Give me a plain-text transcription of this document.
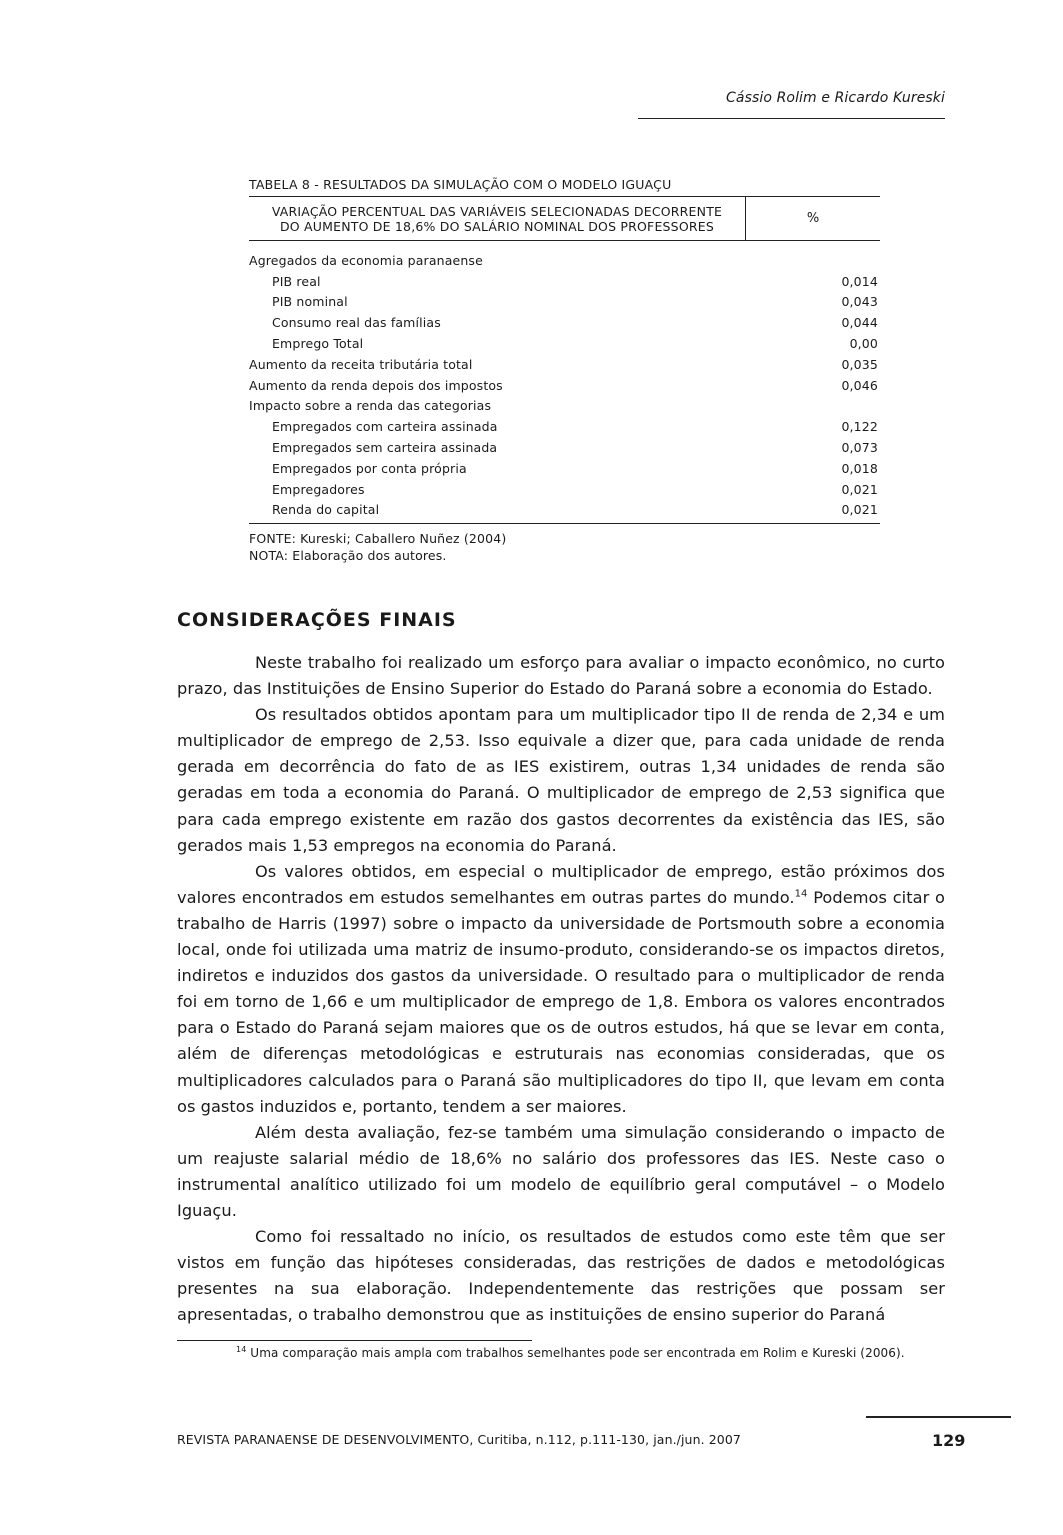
Cássio Rolim e Ricardo Kureski
TABELA 8 - RESULTADOS DA SIMULAÇÃO COM O MODELO IGUAÇU
VARIAÇÃO PERCENTUAL DAS VARIÁVEIS SELECIONADAS DECORRENTE
DO AUMENTO DE 18,6% DO SALÁRIO NOMINAL DOS PROFESSORES	%
Agregados da economia paranaense
PIB real	0,014
PIB nominal	0,043
Consumo real das famílias	0,044
Emprego Total	0,00
Aumento da receita tributária total	0,035
Aumento da renda depois dos impostos	0,046
Impacto sobre a renda das categorias
Empregados com carteira assinada	0,122
Empregados sem carteira assinada	0,073
Empregados por conta própria	0,018
Empregadores	0,021
Renda do capital	0,021
FONTE: Kureski; Caballero Nuñez (2004)
NOTA: Elaboração dos autores.
CONSIDERAÇÕES FINAIS

Neste trabalho foi realizado um esforço para avaliar o impacto econômico, no curto prazo, das Instituições de Ensino Superior do Estado do Paraná sobre a economia do Estado.

Os resultados obtidos apontam para um multiplicador tipo II de renda de 2,34 e um multiplicador de emprego de 2,53. Isso equivale a dizer que, para cada unidade de renda gerada em decorrência do fato de as IES existirem, outras 1,34 unidades de renda são geradas em toda a economia do Paraná. O multiplicador de emprego de 2,53 significa que para cada emprego existente em razão dos gastos decorrentes da existência das IES, são gerados mais 1,53 empregos na economia do Paraná.

Os valores obtidos, em especial o multiplicador de emprego, estão próximos dos valores encontrados em estudos semelhantes em outras partes do mundo.$^{14}$ Podemos citar o trabalho de Harris (1997) sobre o impacto da universidade de Portsmouth sobre a economia local, onde foi utilizada uma matriz de insumo-produto, considerando-se os impactos diretos, indiretos e induzidos dos gastos da universidade. O resultado para o multiplicador de renda foi em torno de 1,66 e um multiplicador de emprego de 1,8. Embora os valores encontrados para o Estado do Paraná sejam maiores que os de outros estudos, há que se levar em conta, além de diferenças metodológicas e estruturais nas economias consideradas, que os multiplicadores calculados para o Paraná são multiplicadores do tipo II, que levam em conta os gastos induzidos e, portanto, tendem a ser maiores.

Além desta avaliação, fez-se também uma simulação considerando o impacto de um reajuste salarial médio de 18,6% no salário dos professores das IES. Neste caso o instrumental analítico utilizado foi um modelo de equilíbrio geral computável – o Modelo Iguaçu.

Como foi ressaltado no início, os resultados de estudos como este têm que ser vistos em função das hipóteses consideradas, das restrições de dados e metodológicas presentes na sua elaboração. Independentemente das restrições que possam ser apresentadas, o trabalho demonstrou que as instituições de ensino superior do Paraná

$^{14}$ Uma comparação mais ampla com trabalhos semelhantes pode ser encontrada em Rolim e Kureski (2006).
REVISTA PARANAENSE DE DESENVOLVIMENTO, Curitiba, n.112, p.111-130, jan./jun. 2007	129
